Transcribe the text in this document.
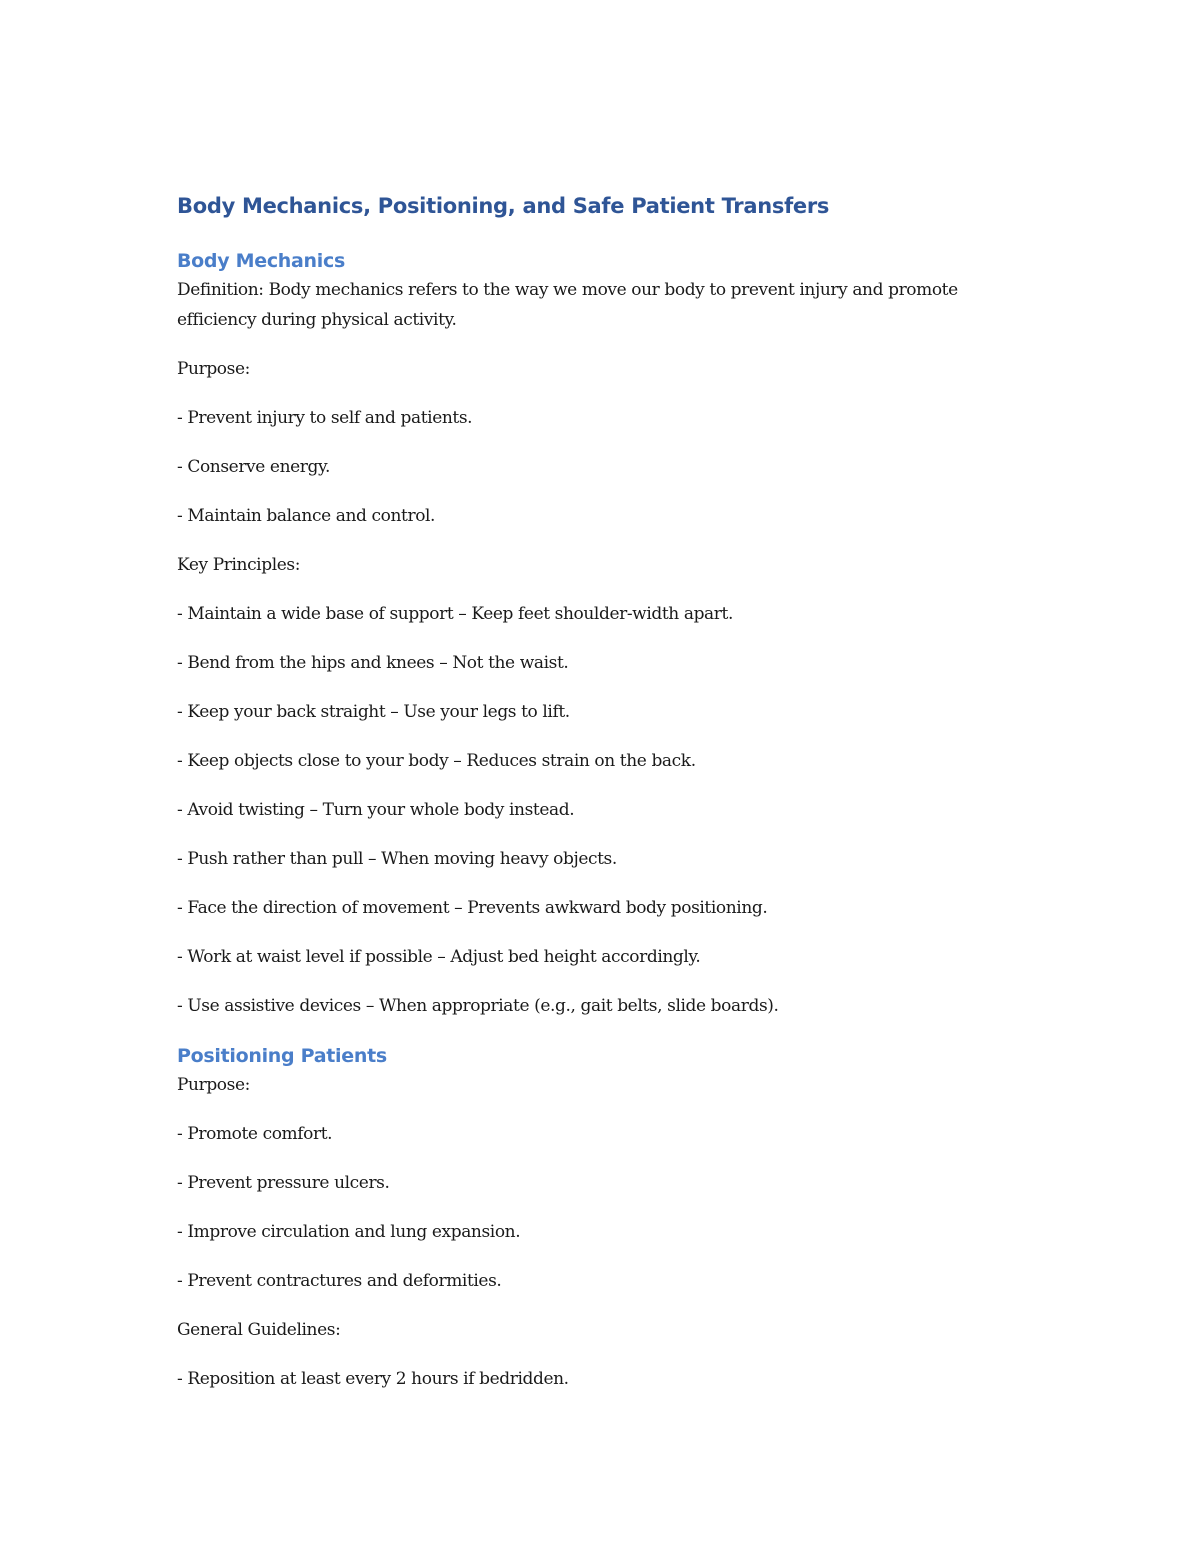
Body Mechanics, Positioning, and Safe Patient Transfers
Body Mechanics

Definition: Body mechanics refers to the way we move our body to prevent injury and promote efficiency during physical activity.

Purpose:

- Prevent injury to self and patients.

- Conserve energy.

- Maintain balance and control.

Key Principles:

- Maintain a wide base of support – Keep feet shoulder-width apart.

- Bend from the hips and knees – Not the waist.

- Keep your back straight – Use your legs to lift.

- Keep objects close to your body – Reduces strain on the back.

- Avoid twisting – Turn your whole body instead.

- Push rather than pull – When moving heavy objects.

- Face the direction of movement – Prevents awkward body positioning.

- Work at waist level if possible – Adjust bed height accordingly.

- Use assistive devices – When appropriate (e.g., gait belts, slide boards).

Positioning Patients

Purpose:

- Promote comfort.

- Prevent pressure ulcers.

- Improve circulation and lung expansion.

- Prevent contractures and deformities.

General Guidelines:

- Reposition at least every 2 hours if bedridden.
